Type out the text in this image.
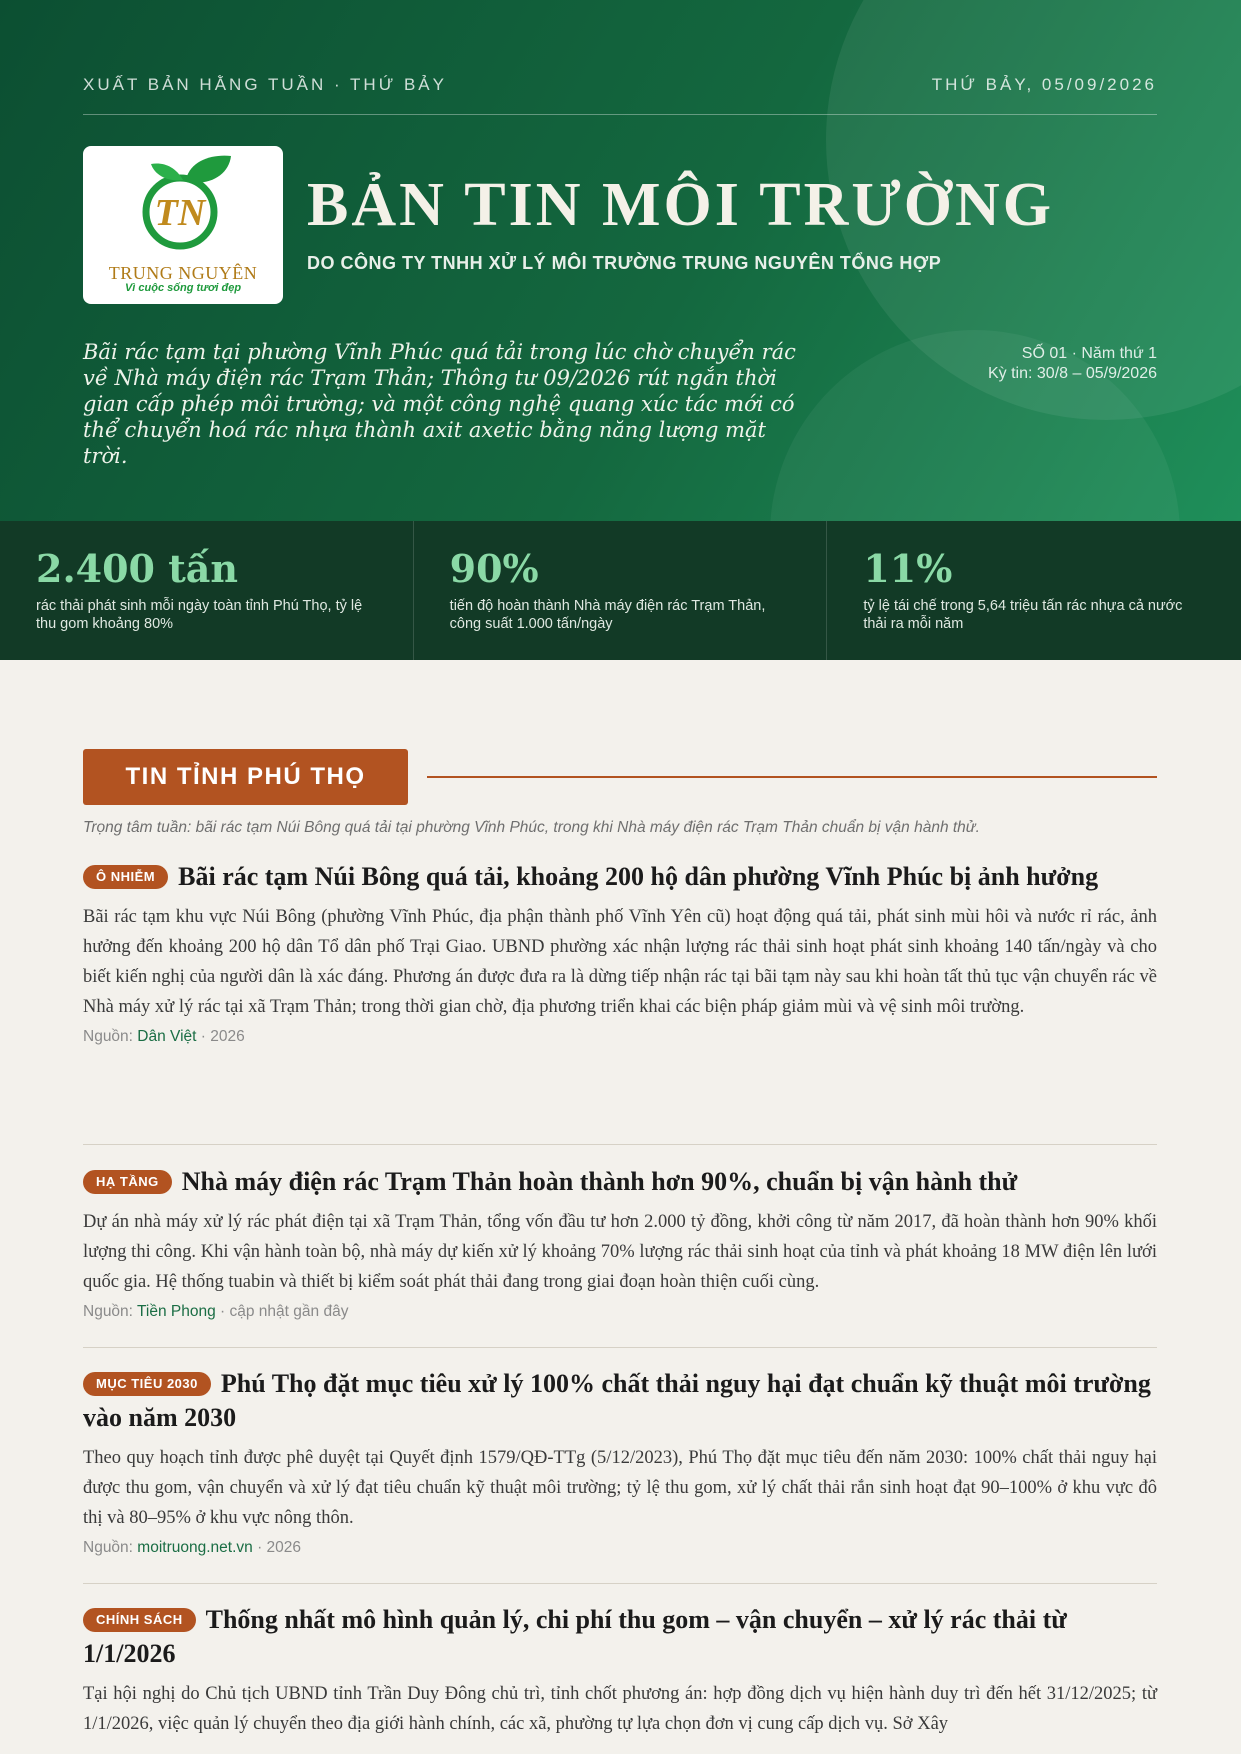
XUẤT BẢN HẰNG TUẦN · THỨ BẢY	THỨ BẢY, 05/09/2026
TN
TRUNG NGUYÊN
Vì cuộc sống tươi đẹp
BẢN TIN MÔI TRƯỜNG
DO CÔNG TY TNHH XỬ LÝ MÔI TRƯỜNG TRUNG NGUYÊN TỔNG HỢP
Bãi rác tạm tại phường Vĩnh Phúc quá tải trong lúc chờ chuyển rác về Nhà máy điện rác Trạm Thản; Thông tư 09/2026 rút ngắn thời gian cấp phép môi trường; và một công nghệ quang xúc tác mới có thể chuyển hoá rác nhựa thành axit axetic bằng năng lượng mặt trời.
SỐ 01 · Năm thứ 1
Kỳ tin: 30/8 – 05/9/2026
2.400 tấn
rác thải phát sinh mỗi ngày toàn tỉnh Phú Thọ, tỷ lệ thu gom khoảng 80%
90%
tiến độ hoàn thành Nhà máy điện rác Trạm Thản, công suất 1.000 tấn/ngày
11%
tỷ lệ tái chế trong 5,64 triệu tấn rác nhựa cả nước thải ra mỗi năm
TIN TỈNH PHÚ THỌ
Trọng tâm tuần: bãi rác tạm Núi Bông quá tải tại phường Vĩnh Phúc, trong khi Nhà máy điện rác Trạm Thản chuẩn bị vận hành thử.
Ô NHIỄM Bãi rác tạm Núi Bông quá tải, khoảng 200 hộ dân phường Vĩnh Phúc bị ảnh hưởng
Bãi rác tạm khu vực Núi Bông (phường Vĩnh Phúc, địa phận thành phố Vĩnh Yên cũ) hoạt động quá tải, phát sinh mùi hôi và nước rỉ rác, ảnh hưởng đến khoảng 200 hộ dân Tổ dân phố Trại Giao. UBND phường xác nhận lượng rác thải sinh hoạt phát sinh khoảng 140 tấn/ngày và cho biết kiến nghị của người dân là xác đáng. Phương án được đưa ra là dừng tiếp nhận rác tại bãi tạm này sau khi hoàn tất thủ tục vận chuyển rác về Nhà máy xử lý rác tại xã Trạm Thản; trong thời gian chờ, địa phương triển khai các biện pháp giảm mùi và vệ sinh môi trường.
Nguồn: Dân Việt · 2026
HẠ TẦNG Nhà máy điện rác Trạm Thản hoàn thành hơn 90%, chuẩn bị vận hành thử
Dự án nhà máy xử lý rác phát điện tại xã Trạm Thản, tổng vốn đầu tư hơn 2.000 tỷ đồng, khởi công từ năm 2017, đã hoàn thành hơn 90% khối lượng thi công. Khi vận hành toàn bộ, nhà máy dự kiến xử lý khoảng 70% lượng rác thải sinh hoạt của tỉnh và phát khoảng 18 MW điện lên lưới quốc gia. Hệ thống tuabin và thiết bị kiểm soát phát thải đang trong giai đoạn hoàn thiện cuối cùng.
Nguồn: Tiền Phong · cập nhật gần đây
MỤC TIÊU 2030 Phú Thọ đặt mục tiêu xử lý 100% chất thải nguy hại đạt chuẩn kỹ thuật môi trường vào năm 2030
Theo quy hoạch tỉnh được phê duyệt tại Quyết định 1579/QĐ-TTg (5/12/2023), Phú Thọ đặt mục tiêu đến năm 2030: 100% chất thải nguy hại được thu gom, vận chuyển và xử lý đạt tiêu chuẩn kỹ thuật môi trường; tỷ lệ thu gom, xử lý chất thải rắn sinh hoạt đạt 90–100% ở khu vực đô thị và 80–95% ở khu vực nông thôn.
Nguồn: moitruong.net.vn · 2026
CHÍNH SÁCH Thống nhất mô hình quản lý, chi phí thu gom – vận chuyển – xử lý rác thải từ 1/1/2026
Tại hội nghị do Chủ tịch UBND tỉnh Trần Duy Đông chủ trì, tỉnh chốt phương án: hợp đồng dịch vụ hiện hành duy trì đến hết 31/12/2025; từ 1/1/2026, việc quản lý chuyển theo địa giới hành chính, các xã, phường tự lựa chọn đơn vị cung cấp dịch vụ. Sở Xây
